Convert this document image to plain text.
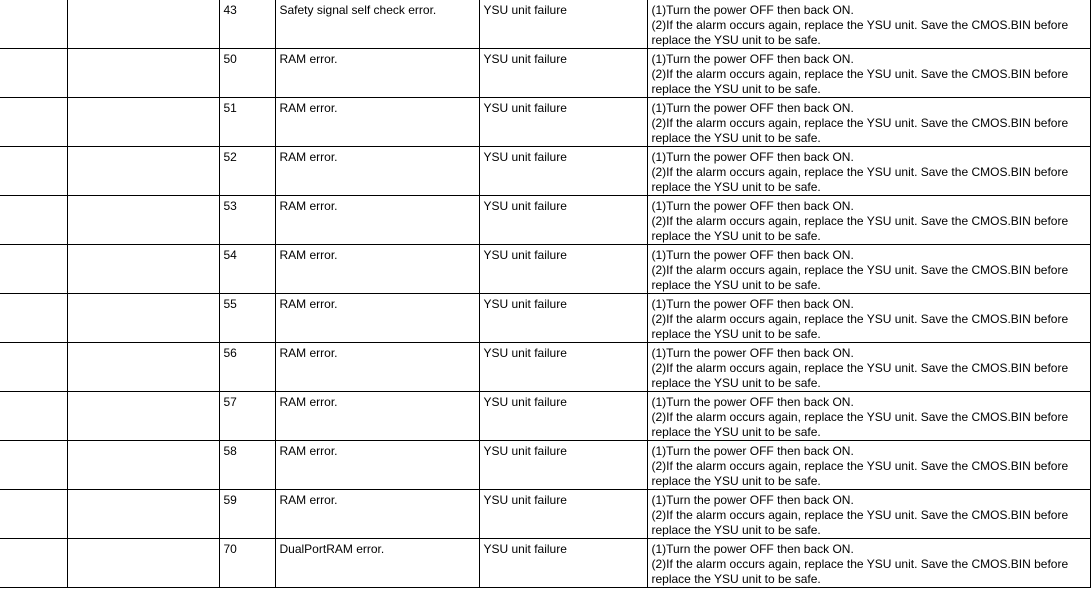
		43	Safety signal self check error.	YSU unit failure	(1)Turn the power OFF then back ON.
(2)If the alarm occurs again, replace the YSU unit. Save the CMOS.BIN before
replace the YSU unit to be safe.

		50	RAM error.	YSU unit failure	(1)Turn the power OFF then back ON.
(2)If the alarm occurs again, replace the YSU unit. Save the CMOS.BIN before
replace the YSU unit to be safe.

		51	RAM error.	YSU unit failure	(1)Turn the power OFF then back ON.
(2)If the alarm occurs again, replace the YSU unit. Save the CMOS.BIN before
replace the YSU unit to be safe.

		52	RAM error.	YSU unit failure	(1)Turn the power OFF then back ON.
(2)If the alarm occurs again, replace the YSU unit. Save the CMOS.BIN before
replace the YSU unit to be safe.

		53	RAM error.	YSU unit failure	(1)Turn the power OFF then back ON.
(2)If the alarm occurs again, replace the YSU unit. Save the CMOS.BIN before
replace the YSU unit to be safe.

		54	RAM error.	YSU unit failure	(1)Turn the power OFF then back ON.
(2)If the alarm occurs again, replace the YSU unit. Save the CMOS.BIN before
replace the YSU unit to be safe.

		55	RAM error.	YSU unit failure	(1)Turn the power OFF then back ON.
(2)If the alarm occurs again, replace the YSU unit. Save the CMOS.BIN before
replace the YSU unit to be safe.

		56	RAM error.	YSU unit failure	(1)Turn the power OFF then back ON.
(2)If the alarm occurs again, replace the YSU unit. Save the CMOS.BIN before
replace the YSU unit to be safe.

		57	RAM error.	YSU unit failure	(1)Turn the power OFF then back ON.
(2)If the alarm occurs again, replace the YSU unit. Save the CMOS.BIN before
replace the YSU unit to be safe.

		58	RAM error.	YSU unit failure	(1)Turn the power OFF then back ON.
(2)If the alarm occurs again, replace the YSU unit. Save the CMOS.BIN before
replace the YSU unit to be safe.

		59	RAM error.	YSU unit failure	(1)Turn the power OFF then back ON.
(2)If the alarm occurs again, replace the YSU unit. Save the CMOS.BIN before
replace the YSU unit to be safe.

		70	DualPortRAM error.	YSU unit failure	(1)Turn the power OFF then back ON.
(2)If the alarm occurs again, replace the YSU unit. Save the CMOS.BIN before
replace the YSU unit to be safe.
